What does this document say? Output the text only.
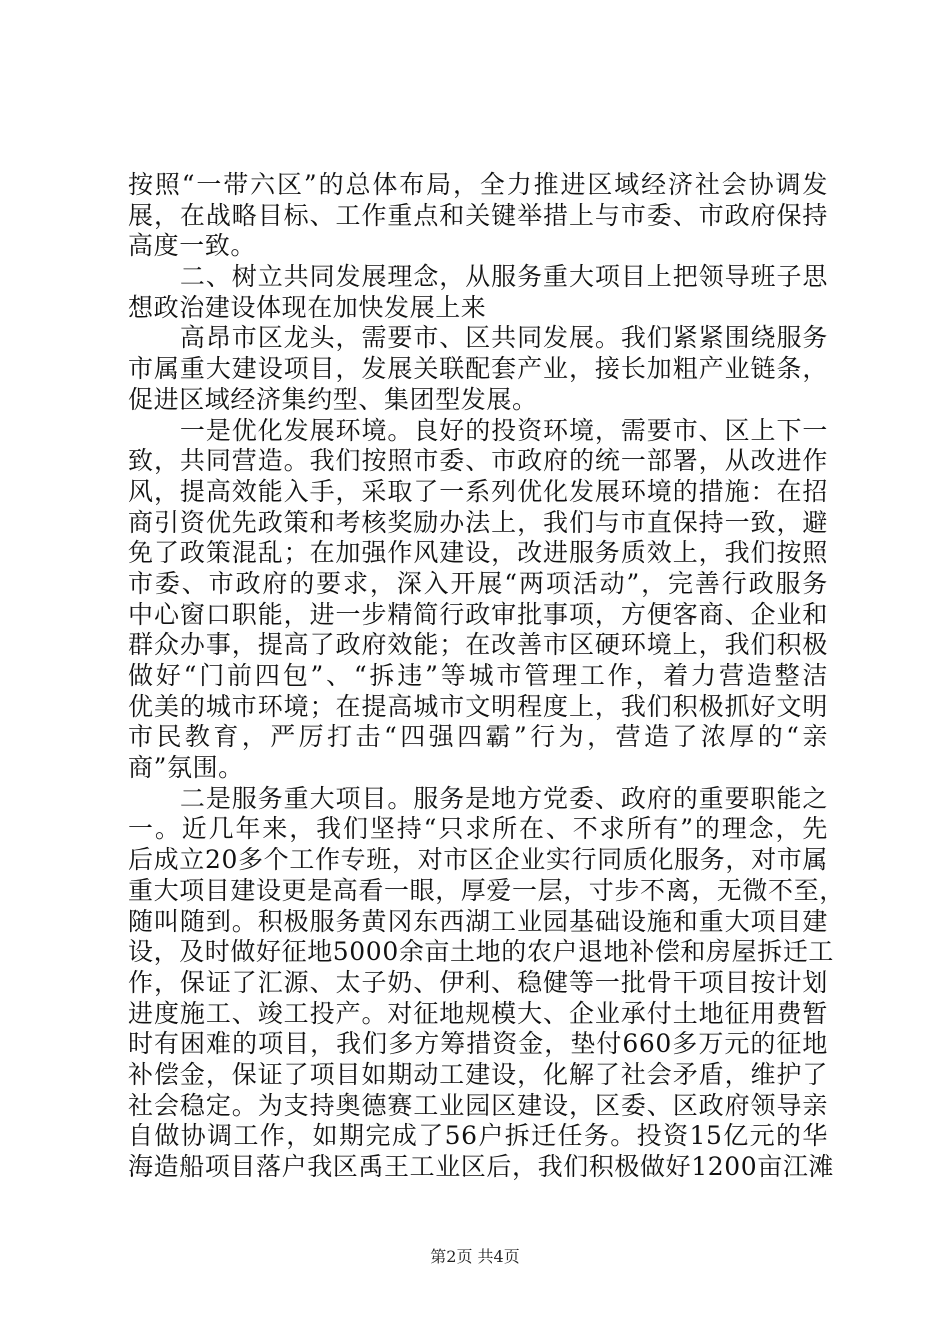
按照“一带六区”的总体布局，全力推进区域经济社会协调发
展，在战略目标、工作重点和关键举措上与市委、市政府保持
高度一致。
　　二、树立共同发展理念，从服务重大项目上把领导班子思
想政治建设体现在加快发展上来
　　高昂市区龙头，需要市、区共同发展。我们紧紧围绕服务
市属重大建设项目，发展关联配套产业，接长加粗产业链条，
促进区域经济集约型、集团型发展。
　　一是优化发展环境。良好的投资环境，需要市、区上下一
致，共同营造。我们按照市委、市政府的统一部署，从改进作
风，提高效能入手，采取了一系列优化发展环境的措施：在招
商引资优先政策和考核奖励办法上，我们与市直保持一致，避
免了政策混乱；在加强作风建设，改进服务质效上，我们按照
市委、市政府的要求，深入开展“两项活动”，完善行政服务
中心窗口职能，进一步精简行政审批事项，方便客商、企业和
群众办事，提高了政府效能；在改善市区硬环境上，我们积极
做好“门前四包”、“拆违”等城市管理工作，着力营造整洁
优美的城市环境；在提高城市文明程度上，我们积极抓好文明
市民教育，严厉打击“四强四霸”行为，营造了浓厚的“亲
商”氛围。
　　二是服务重大项目。服务是地方党委、政府的重要职能之
一。近几年来，我们坚持“只求所在、不求所有”的理念，先
后成立20多个工作专班，对市区企业实行同质化服务，对市属
重大项目建设更是高看一眼，厚爱一层，寸步不离，无微不至，
随叫随到。积极服务黄冈东西湖工业园基础设施和重大项目建
设，及时做好征地5000余亩土地的农户退地补偿和房屋拆迁工
作，保证了汇源、太子奶、伊利、稳健等一批骨干项目按计划
进度施工、竣工投产。对征地规模大、企业承付土地征用费暂
时有困难的项目，我们多方筹措资金，垫付660多万元的征地
补偿金，保证了项目如期动工建设，化解了社会矛盾，维护了
社会稳定。为支持奥德赛工业园区建设，区委、区政府领导亲
自做协调工作，如期完成了56户拆迁任务。投资15亿元的华
海造船项目落户我区禹王工业区后，我们积极做好1200亩江滩
第2页 共4页
